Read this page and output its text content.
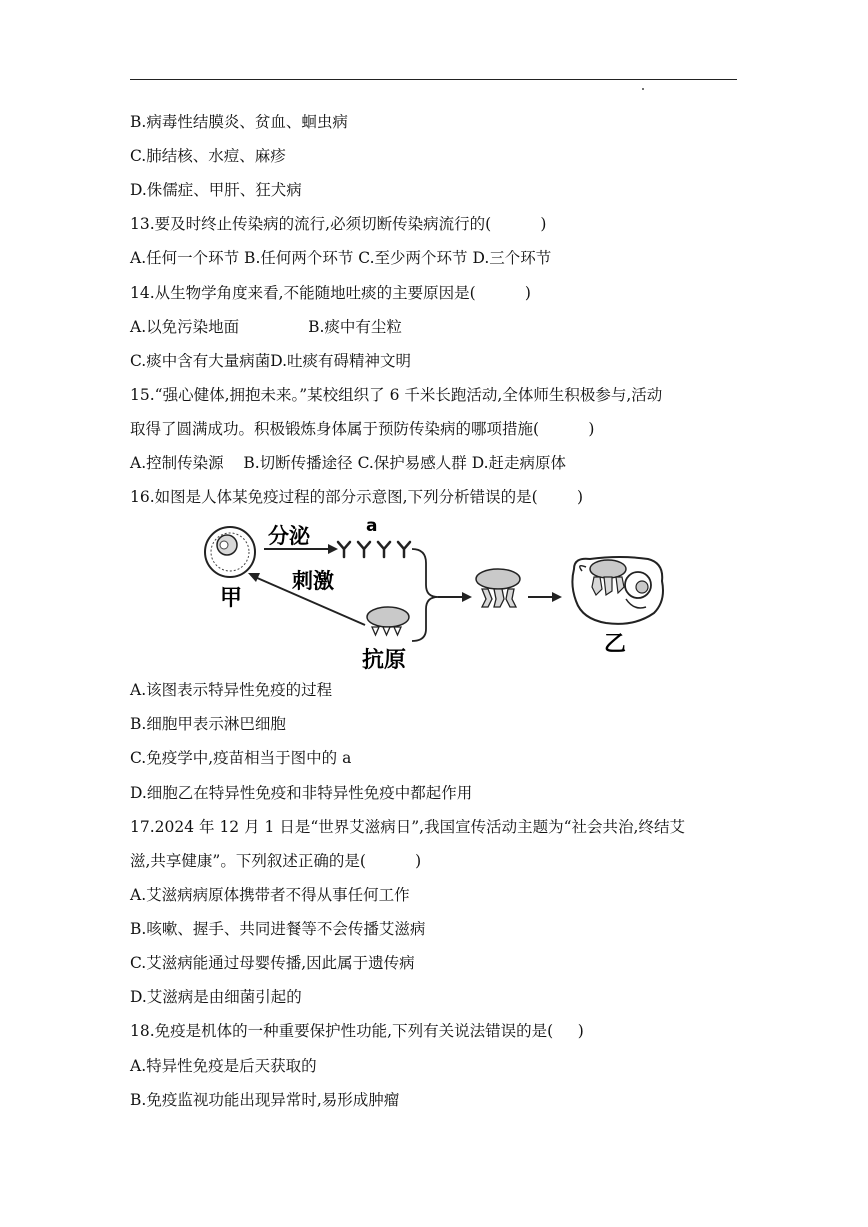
B.病毒性结膜炎、贫血、蛔虫病
C.肺结核、水痘、麻疹
D.侏儒症、甲肝、狂犬病
13.要及时终止传染病的流行,必须切断传染病流行的(          )
A.任何一个环节 B.任何两个环节 C.至少两个环节 D.三个环节
14.从生物学角度来看,不能随地吐痰的主要原因是(          )
A.以免污染地面              B.痰中有尘粒
C.痰中含有大量病菌D.吐痰有碍精神文明
15.“强心健体,拥抱未来。”某校组织了 6 千米长跑活动,全体师生积极参与,活动
取得了圆满成功。积极锻炼身体属于预防传染病的哪项措施(          )
A.控制传染源    B.切断传播途径 C.保护易感人群 D.赶走病原体
16.如图是人体某免疫过程的部分示意图,下列分析错误的是(        )
甲
分泌	a
刺激
抗原
乙
A.该图表示特异性免疫的过程
B.细胞甲表示淋巴细胞
C.免疫学中,疫苗相当于图中的 a
D.细胞乙在特异性免疫和非特异性免疫中都起作用
17.2024 年 12 月 1 日是“世界艾滋病日”,我国宣传活动主题为“社会共治,终结艾
滋,共享健康”。下列叙述正确的是(          )
A.艾滋病病原体携带者不得从事任何工作
B.咳嗽、握手、共同进餐等不会传播艾滋病
C.艾滋病能通过母婴传播,因此属于遗传病
D.艾滋病是由细菌引起的
18.免疫是机体的一种重要保护性功能,下列有关说法错误的是(     )
A.特异性免疫是后天获取的
B.免疫监视功能出现异常时,易形成肿瘤
